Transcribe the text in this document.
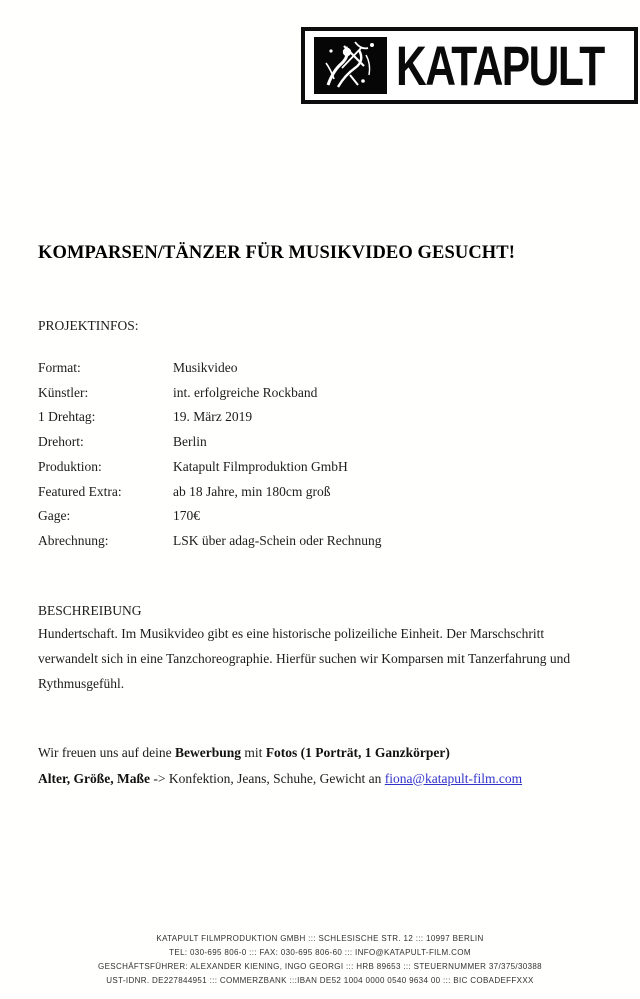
KATAPULT
KOMPARSEN/TÄNZER FÜR MUSIKVIDEO GESUCHT!
PROJEKTINFOS:
Format:	Musikvideo
Künstler:	int. erfolgreiche Rockband
1 Drehtag:	19. März 2019
Drehort:	Berlin
Produktion:	Katapult Filmproduktion GmbH
Featured Extra:	ab 18 Jahre, min 180cm groß
Gage:	170€
Abrechnung:	LSK über adag-Schein oder Rechnung
BESCHREIBUNG
Hundertschaft. Im Musikvideo gibt es eine historische polizeiliche Einheit. Der Marschschritt verwandelt sich in eine Tanzchoreographie. Hierfür suchen wir Komparsen mit Tanzerfahrung und Rythmusgefühl.
Wir freuen uns auf deine Bewerbung mit Fotos (1 Porträt, 1 Ganzkörper)
Alter, Größe, Maße -> Konfektion, Jeans, Schuhe, Gewicht an fiona@katapult-film.com
KATAPULT FILMPRODUKTION GMBH ::: SCHLESISCHE STR. 12 ::: 10997 BERLIN
TEL: 030-695 806-0 ::: FAX: 030-695 806-60 ::: INFO@KATAPULT-FILM.COM
GESCHÄFTSFÜHRER: ALEXANDER KIENING, INGO GEORGI ::: HRB 89653 ::: STEUERNUMMER 37/375/30388
UST-IDNR. DE227844951 ::: COMMERZBANK :::IBAN DE52 1004 0000 0540 9634 00 ::: BIC COBADEFFXXX
